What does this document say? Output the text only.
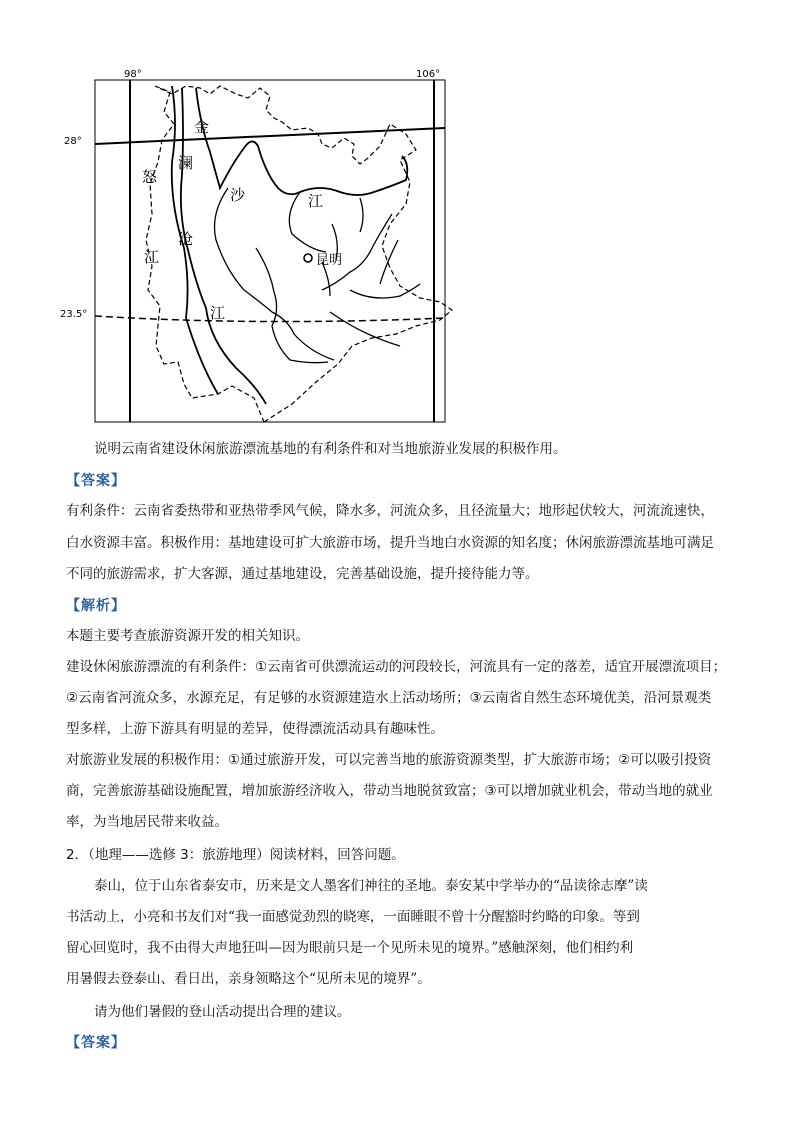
98°	106°
28°
23.5°
金
沙	江
澜
沧
江
怒
江	昆明
说明云南省建设休闲旅游漂流基地的有利条件和对当地旅游业发展的积极作用。
【答案】
有利条件：云南省委热带和亚热带季风气候，降水多，河流众多，且径流量大；地形起伏较大，河流流速快，
白水资源丰富。积极作用：基地建设可扩大旅游市场，提升当地白水资源的知名度；休闲旅游漂流基地可满足
不同的旅游需求，扩大客源，通过基地建设，完善基础设施，提升接待能力等。
【解析】
本题主要考查旅游资源开发的相关知识。
建设休闲旅游漂流的有利条件：①云南省可供漂流运动的河段较长，河流具有一定的落差，适宜开展漂流项目；
②云南省河流众多，水源充足，有足够的水资源建造水上活动场所；③云南省自然生态环境优美，沿河景观类
型多样，上游下游具有明显的差异，使得漂流活动具有趣味性。
对旅游业发展的积极作用：①通过旅游开发，可以完善当地的旅游资源类型，扩大旅游市场；②可以吸引投资
商，完善旅游基础设施配置，增加旅游经济收入，带动当地脱贫致富；③可以增加就业机会，带动当地的就业
率，为当地居民带来收益。
2．（地理——选修 3：旅游地理）阅读材料，回答问题。
泰山，位于山东省泰安市，历来是文人墨客们神往的圣地。泰安某中学举办的“品读徐志摩”读
书活动上，小亮和书友们对“我一面感觉劲烈的晓寒，一面睡眼不曾十分醒豁时约略的印象。等到
留心回览时，我不由得大声地狂叫—因为眼前只是一个见所未见的境界。”感触深刻，他们相约利
用暑假去登泰山、看日出，亲身领略这个“见所未见的境界”。
请为他们暑假的登山活动提出合理的建议。
【答案】
